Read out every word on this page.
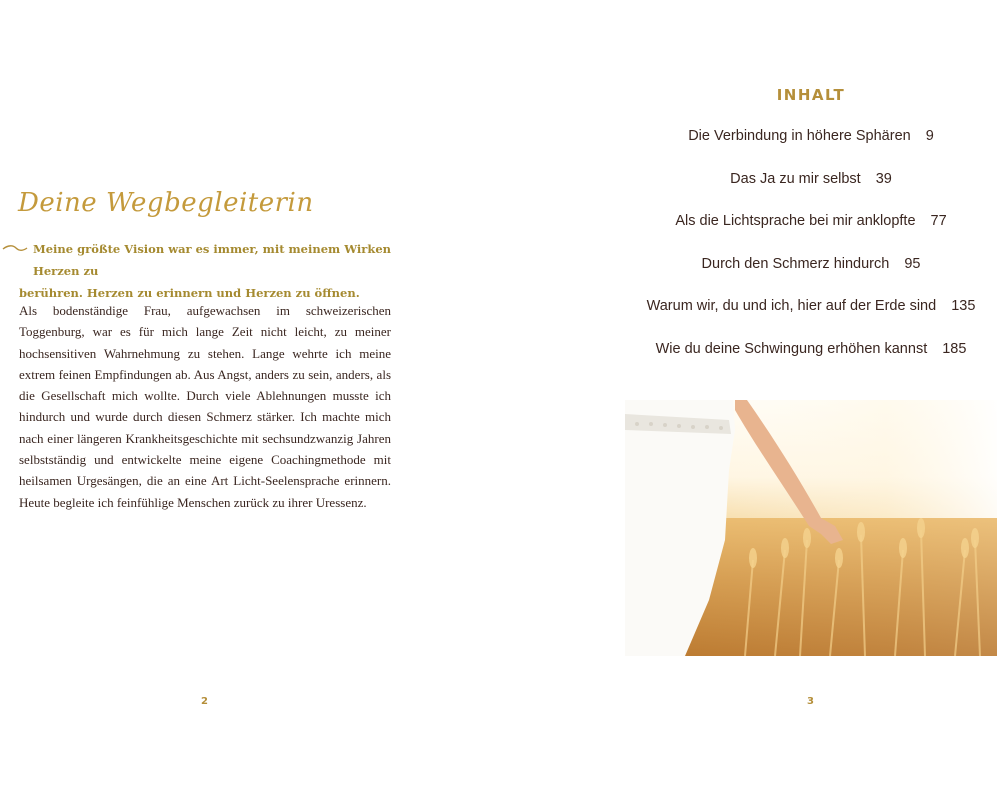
Deine Wegbegleiterin

Meine größte Vision war es immer, mit meinem Wirken Herzen zu
berühren. Herzen zu erinnern und Herzen zu öffnen.

Als bodenständige Frau, aufgewachsen im schweizerischen Toggenburg, war es für mich lange Zeit nicht leicht, zu meiner hochsensitiven Wahrnehmung zu stehen. Lange wehrte ich meine extrem feinen Empfindungen ab. Aus Angst, anders zu sein, anders, als die Gesellschaft mich wollte. Durch viele Ablehnungen musste ich hindurch und wurde durch diesen Schmerz stärker. Ich machte mich nach einer längeren Krankheitsgeschichte mit sechsundzwanzig Jahren selbstständig und entwickelte meine eigene Coachingmethode mit heilsamen Urgesängen, die an eine Art Licht-Seelensprache erinnern. Heute begleite ich feinfühlige Menschen zurück zu ihrer Uressenz.

2
INHALT
Die Verbindung in höhere Sphären 9
Das Ja zu mir selbst 39
Als die Lichtsprache bei mir anklopfte 77
Durch den Schmerz hindurch 95
Warum wir, du und ich, hier auf der Erde sind 135
Wie du deine Schwingung erhöhen kannst 185
3
